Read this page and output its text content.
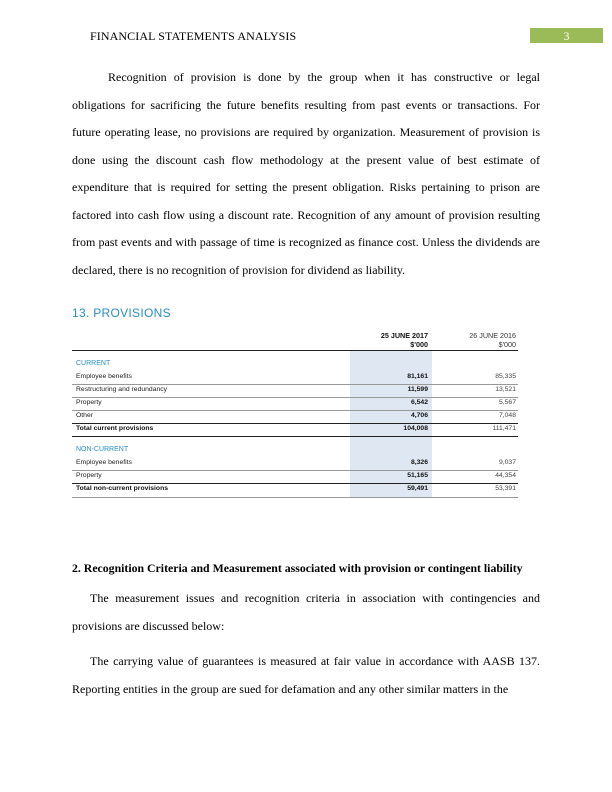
FINANCIAL STATEMENTS ANALYSIS	3
Recognition of provision is done by the group when it has constructive or legal obligations for sacrificing the future benefits resulting from past events or transactions. For future operating lease, no provisions are required by organization. Measurement of provision is done using the discount cash flow methodology at the present value of best estimate of expenditure that is required for setting the present obligation. Risks pertaining to prison are factored into cash flow using a discount rate. Recognition of any amount of provision resulting from past events and with passage of time is recognized as finance cost. Unless the dividends are declared, there is no recognition of provision for dividend as liability.
13. PROVISIONS
25 JUNE 2017
$'000
26 JUNE 2016
$'000
CURRENT
Employee benefits	81,161	85,335
Restructuring and redundancy	11,599	13,521
Property	6,542	5,567
Other	4,706	7,048
Total current provisions	104,008	111,471
NON-CURRENT
Employee benefits	8,326	9,037
Property	51,165	44,354
Total non-current provisions	59,491	53,391
2. Recognition Criteria and Measurement associated with provision or contingent liability
The measurement issues and recognition criteria in association with contingencies and provisions are discussed below:
The carrying value of guarantees is measured at fair value in accordance with AASB 137. Reporting entities in the group are sued for defamation and any other similar matters in the
